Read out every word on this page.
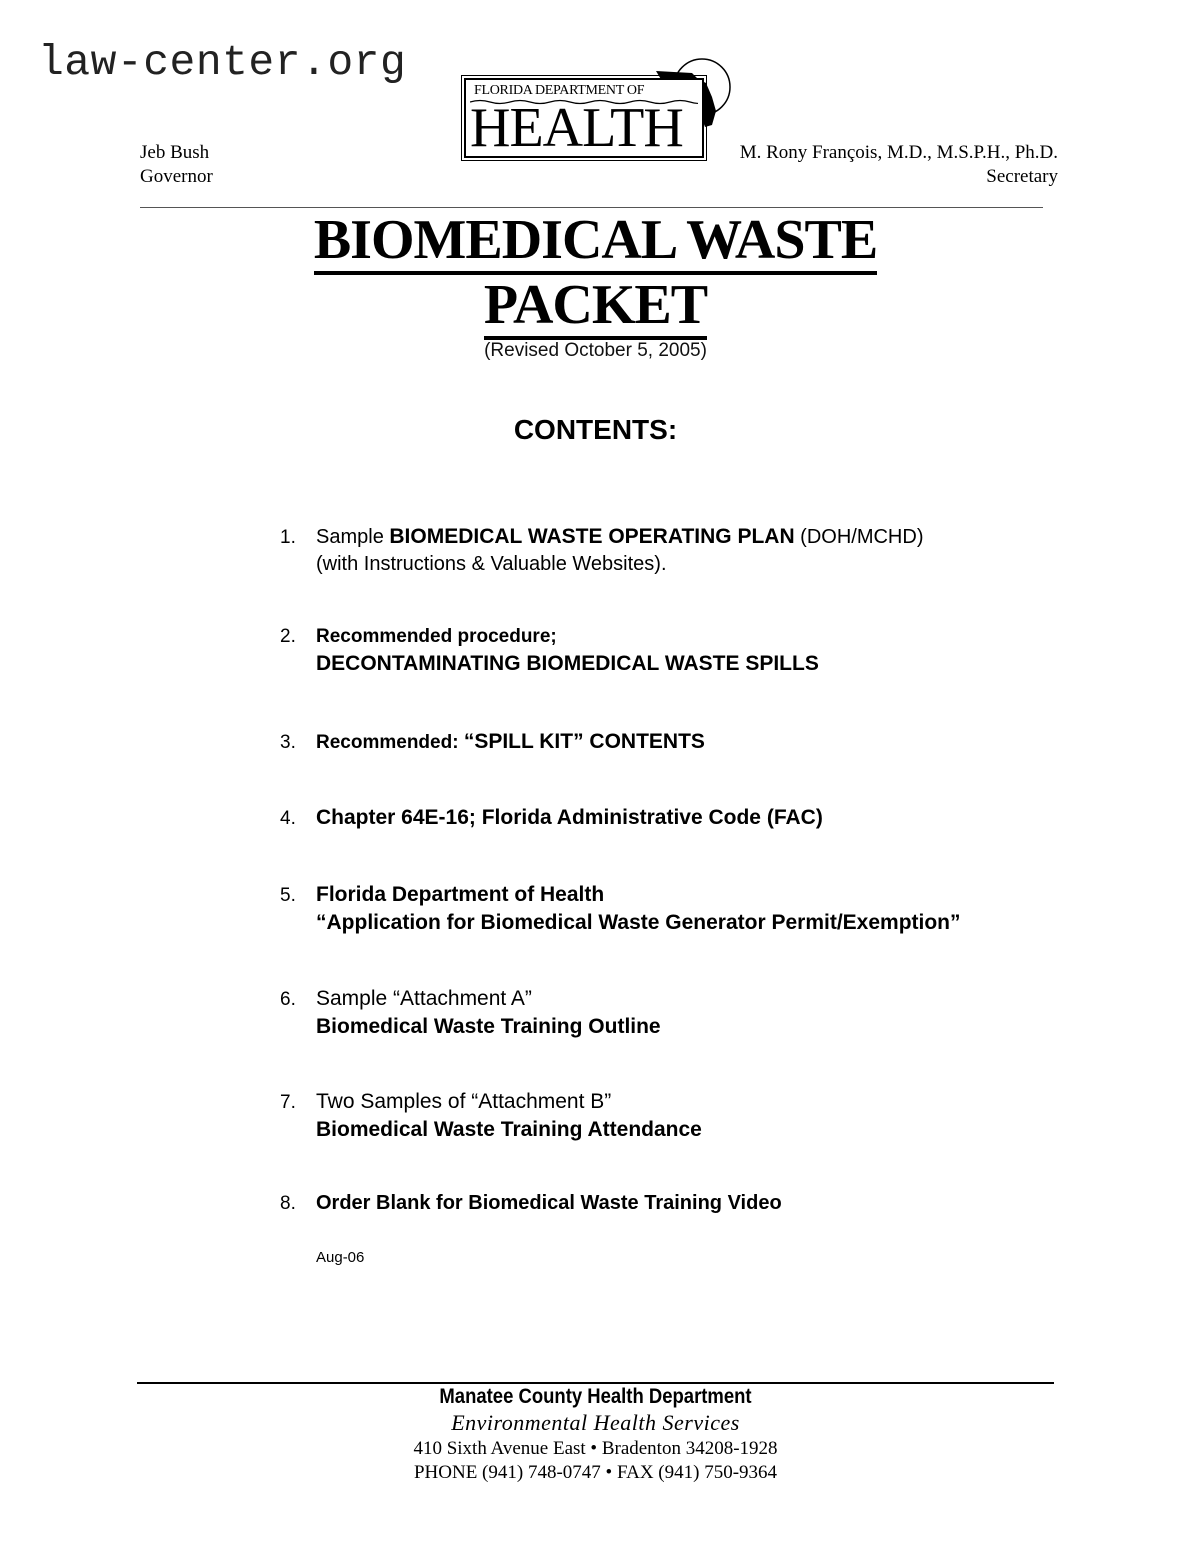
law-center.org
Jeb Bush
Governor
FLORIDA DEPARTMENT OF
HEALTH	M. Rony François, M.D., M.S.P.H., Ph.D.
Secretary
BIOMEDICAL WASTE
PACKET
(Revised October 5, 2005)
CONTENTS:
1. Sample BIOMEDICAL WASTE OPERATING PLAN (DOH/MCHD)
(with Instructions & Valuable Websites).
2. Recommended procedure;
DECONTAMINATING BIOMEDICAL WASTE SPILLS
3. Recommended: “SPILL KIT” CONTENTS
4. Chapter 64E-16; Florida Administrative Code (FAC)
5. Florida Department of Health
“Application for Biomedical Waste Generator Permit/Exemption”
6. Sample “Attachment A”
Biomedical Waste Training Outline
7. Two Samples of “Attachment B”
Biomedical Waste Training Attendance
8. Order Blank for Biomedical Waste Training Video
Aug-06
Manatee County Health Department
Environmental Health Services
410 Sixth Avenue East • Bradenton 34208-1928
PHONE (941) 748-0747 • FAX (941) 750-9364
